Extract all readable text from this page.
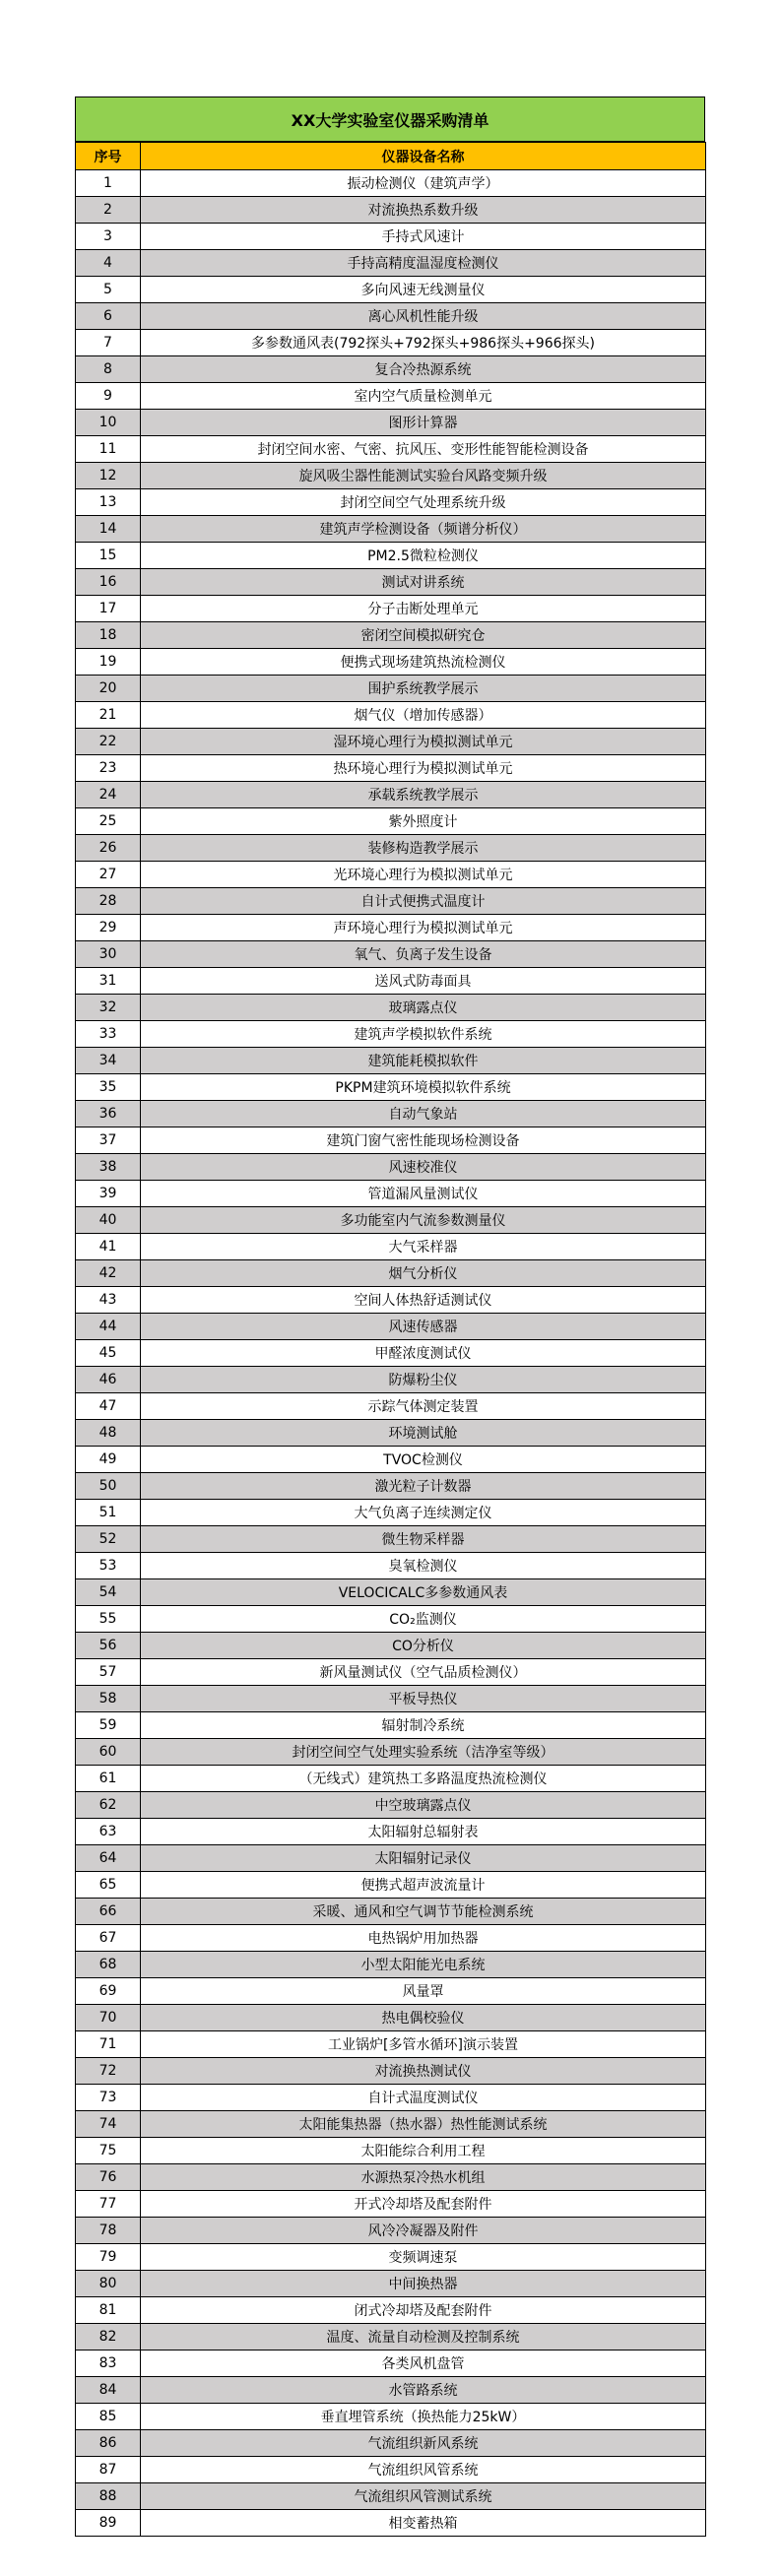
XX大学实验室仪器采购清单
序号	仪器设备名称
1	振动检测仪（建筑声学）
2	对流换热系数升级
3	手持式风速计
4	手持高精度温湿度检测仪
5	多向风速无线测量仪
6	离心风机性能升级
7	多参数通风表(792探头+792探头+986探头+966探头)
8	复合冷热源系统
9	室内空气质量检测单元
10	图形计算器
11	封闭空间水密、气密、抗风压、变形性能智能检测设备
12	旋风吸尘器性能测试实验台风路变频升级
13	封闭空间空气处理系统升级
14	建筑声学检测设备（频谱分析仪）
15	PM2.5微粒检测仪
16	测试对讲系统
17	分子击断处理单元
18	密闭空间模拟研究仓
19	便携式现场建筑热流检测仪
20	围护系统教学展示
21	烟气仪（增加传感器）
22	湿环境心理行为模拟测试单元
23	热环境心理行为模拟测试单元
24	承载系统教学展示
25	紫外照度计
26	装修构造教学展示
27	光环境心理行为模拟测试单元
28	自计式便携式温度计
29	声环境心理行为模拟测试单元
30	氧气、负离子发生设备
31	送风式防毒面具
32	玻璃露点仪
33	建筑声学模拟软件系统
34	建筑能耗模拟软件
35	PKPM建筑环境模拟软件系统
36	自动气象站
37	建筑门窗气密性能现场检测设备
38	风速校准仪
39	管道漏风量测试仪
40	多功能室内气流参数测量仪
41	大气采样器
42	烟气分析仪
43	空间人体热舒适测试仪
44	风速传感器
45	甲醛浓度测试仪
46	防爆粉尘仪
47	示踪气体测定装置
48	环境测试舱
49	TVOC检测仪
50	激光粒子计数器
51	大气负离子连续测定仪
52	微生物采样器
53	臭氧检测仪
54	VELOCICALC多参数通风表
55	CO₂监测仪
56	CO分析仪
57	新风量测试仪（空气品质检测仪）
58	平板导热仪
59	辐射制冷系统
60	封闭空间空气处理实验系统（洁净室等级）
61	（无线式）建筑热工多路温度热流检测仪
62	中空玻璃露点仪
63	太阳辐射总辐射表
64	太阳辐射记录仪
65	便携式超声波流量计
66	采暖、通风和空气调节节能检测系统
67	电热锅炉用加热器
68	小型太阳能光电系统
69	风量罩
70	热电偶校验仪
71	工业锅炉[多管水循环]演示装置
72	对流换热测试仪
73	自计式温度测试仪
74	太阳能集热器（热水器）热性能测试系统
75	太阳能综合利用工程
76	水源热泵冷热水机组
77	开式冷却塔及配套附件
78	风冷冷凝器及附件
79	变频调速泵
80	中间换热器
81	闭式冷却塔及配套附件
82	温度、流量自动检测及控制系统
83	各类风机盘管
84	水管路系统
85	垂直埋管系统（换热能力25kW）
86	气流组织新风系统
87	气流组织风管系统
88	气流组织风管测试系统
89	相变蓄热箱
